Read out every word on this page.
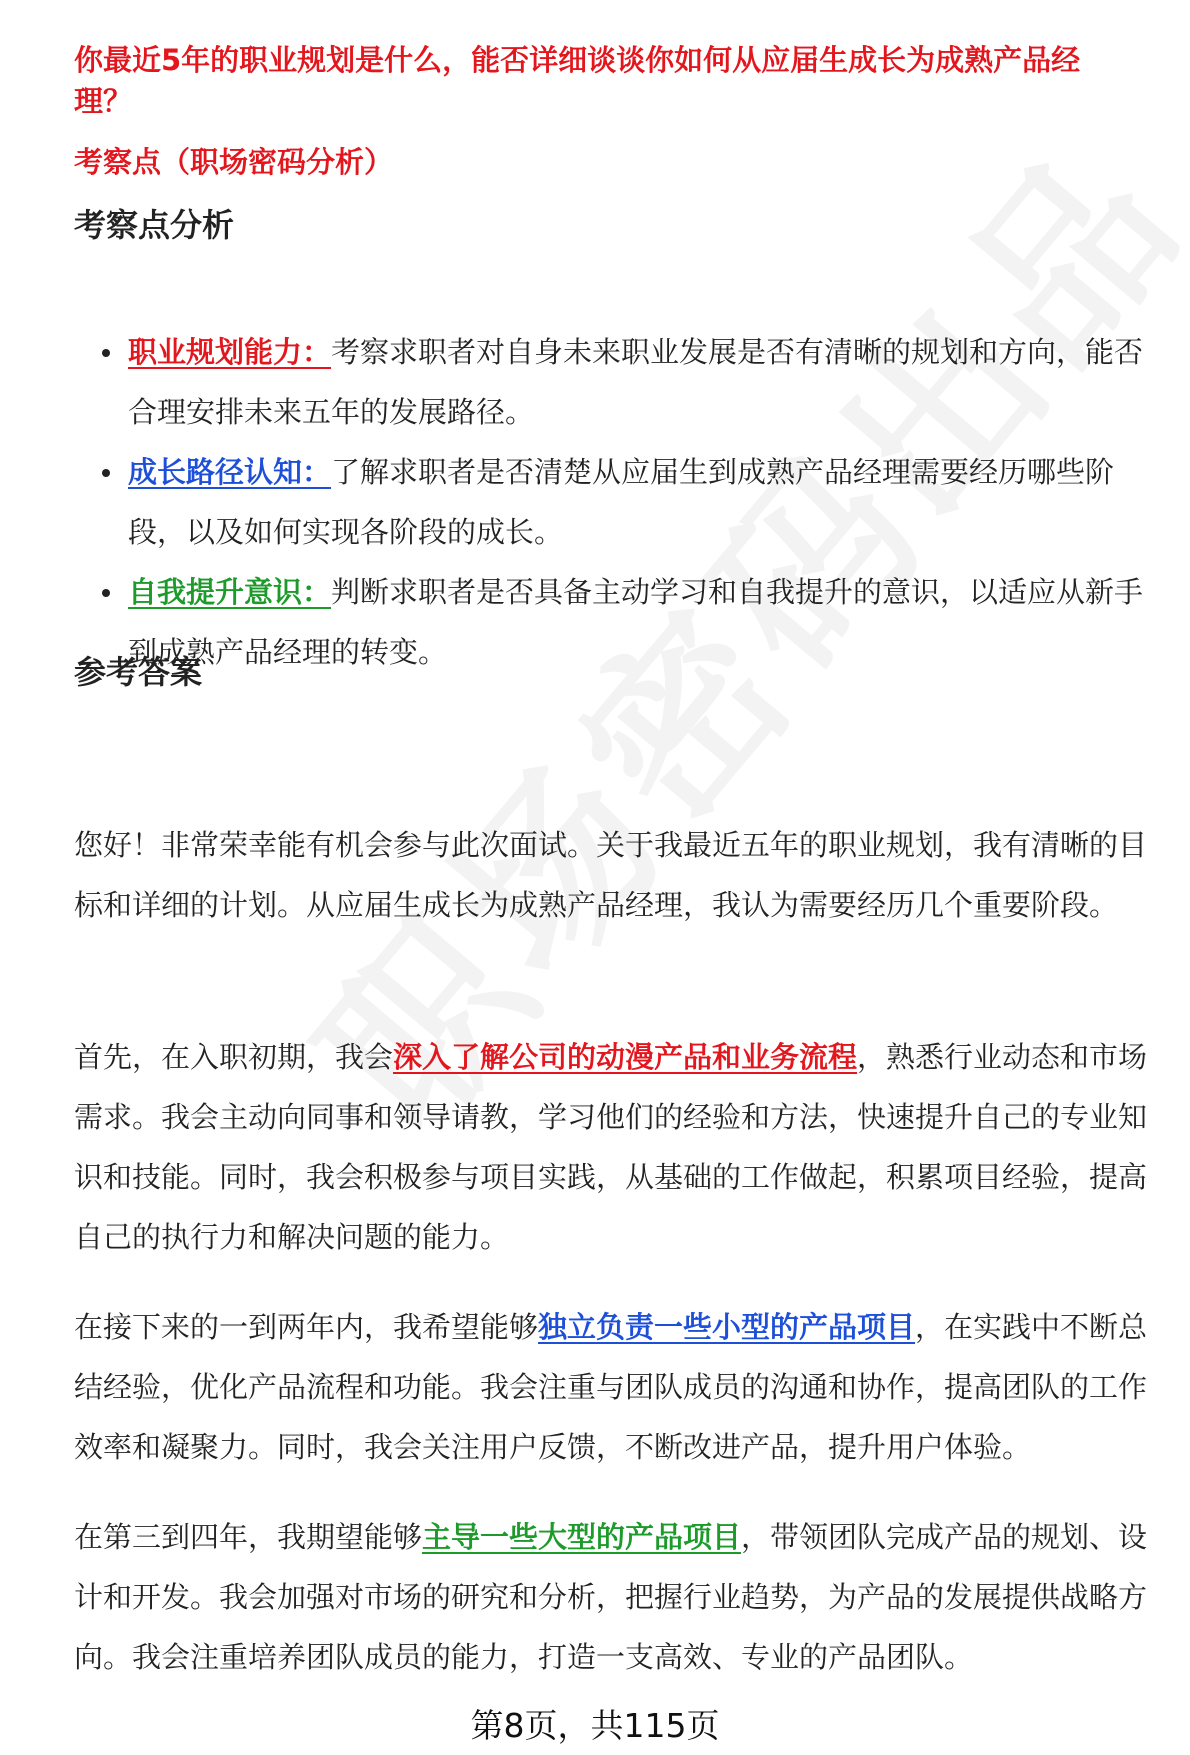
你最近5年的职业规划是什么，能否详细谈谈你如何从应届生成长为成熟产品经理？
考察点（职场密码分析）
考察点分析
职业规划能力：考察求职者对自身未来职业发展是否有清晰的规划和方向，能否合理安排未来五年的发展路径。
成长路径认知：了解求职者是否清楚从应届生到成熟产品经理需要经历哪些阶段，以及如何实现各阶段的成长。
自我提升意识：判断求职者是否具备主动学习和自我提升的意识，以适应从新手到成熟产品经理的转变。
参考答案

您好！非常荣幸能有机会参与此次面试。关于我最近五年的职业规划，我有清晰的目标和详细的计划。从应届生成长为成熟产品经理，我认为需要经历几个重要阶段。

首先，在入职初期，我会深入了解公司的动漫产品和业务流程，熟悉行业动态和市场需求。我会主动向同事和领导请教，学习他们的经验和方法，快速提升自己的专业知识和技能。同时，我会积极参与项目实践，从基础的工作做起，积累项目经验，提高自己的执行力和解决问题的能力。

在接下来的一到两年内，我希望能够独立负责一些小型的产品项目，在实践中不断总结经验，优化产品流程和功能。我会注重与团队成员的沟通和协作，提高团队的工作效率和凝聚力。同时，我会关注用户反馈，不断改进产品，提升用户体验。

在第三到四年，我期望能够主导一些大型的产品项目，带领团队完成产品的规划、设计和开发。我会加强对市场的研究和分析，把握行业趋势，为产品的发展提供战略方向。我会注重培养团队成员的能力，打造一支高效、专业的产品团队。

第8页，共115页
